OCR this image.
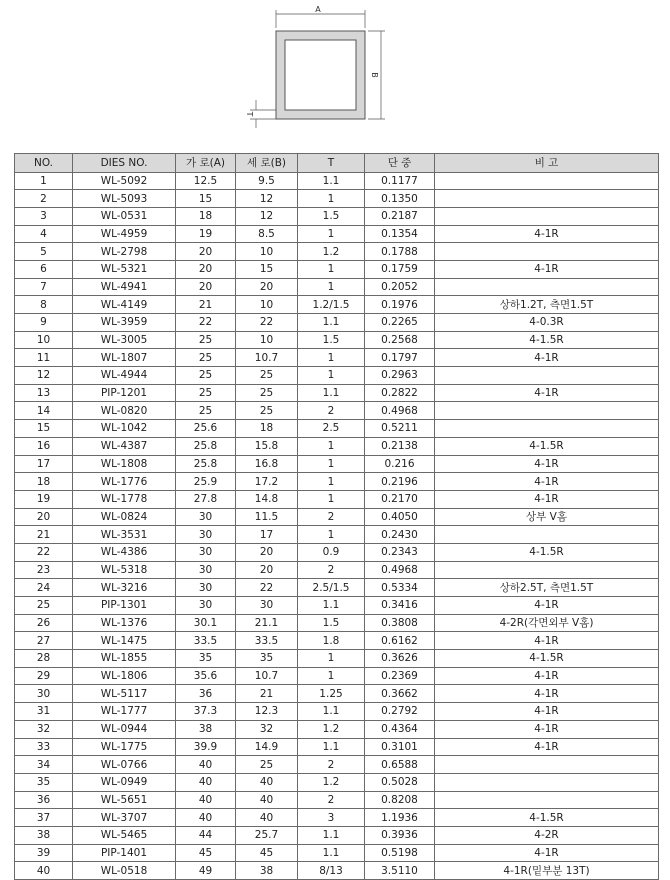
A
B
T
NO.	DIES NO.	가 로(A)	세 로(B)	T	단 중	비 고
1	WL-5092	12.5	9.5	1.1	0.1177	
2	WL-5093	15	12	1	0.1350	
3	WL-0531	18	12	1.5	0.2187	
4	WL-4959	19	8.5	1	0.1354	4-1R
5	WL-2798	20	10	1.2	0.1788	
6	WL-5321	20	15	1	0.1759	4-1R
7	WL-4941	20	20	1	0.2052	
8	WL-4149	21	10	1.2/1.5	0.1976	상하1.2T, 측면1.5T
9	WL-3959	22	22	1.1	0.2265	4-0.3R
10	WL-3005	25	10	1.5	0.2568	4-1.5R
11	WL-1807	25	10.7	1	0.1797	4-1R
12	WL-4944	25	25	1	0.2963	
13	PIP-1201	25	25	1.1	0.2822	4-1R
14	WL-0820	25	25	2	0.4968	
15	WL-1042	25.6	18	2.5	0.5211	
16	WL-4387	25.8	15.8	1	0.2138	4-1.5R
17	WL-1808	25.8	16.8	1	0.216	4-1R
18	WL-1776	25.9	17.2	1	0.2196	4-1R
19	WL-1778	27.8	14.8	1	0.2170	4-1R
20	WL-0824	30	11.5	2	0.4050	상부 V홈
21	WL-3531	30	17	1	0.2430	
22	WL-4386	30	20	0.9	0.2343	4-1.5R
23	WL-5318	30	20	2	0.4968	
24	WL-3216	30	22	2.5/1.5	0.5334	상하2.5T, 측면1.5T
25	PIP-1301	30	30	1.1	0.3416	4-1R
26	WL-1376	30.1	21.1	1.5	0.3808	4-2R(각면외부 V홈)
27	WL-1475	33.5	33.5	1.8	0.6162	4-1R
28	WL-1855	35	35	1	0.3626	4-1.5R
29	WL-1806	35.6	10.7	1	0.2369	4-1R
30	WL-5117	36	21	1.25	0.3662	4-1R
31	WL-1777	37.3	12.3	1.1	0.2792	4-1R
32	WL-0944	38	32	1.2	0.4364	4-1R
33	WL-1775	39.9	14.9	1.1	0.3101	4-1R
34	WL-0766	40	25	2	0.6588	
35	WL-0949	40	40	1.2	0.5028	
36	WL-5651	40	40	2	0.8208	
37	WL-3707	40	40	3	1.1936	4-1.5R
38	WL-5465	44	25.7	1.1	0.3936	4-2R
39	PIP-1401	45	45	1.1	0.5198	4-1R
40	WL-0518	49	38	8/13	3.5110	4-1R(밑부분 13T)
